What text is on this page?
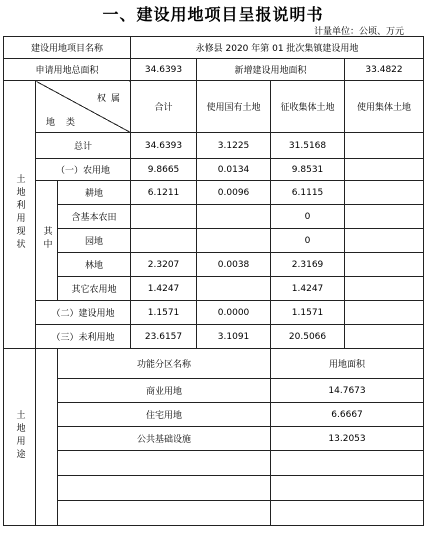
一、建设用地项目呈报说明书
计量单位：公顷、万元
建设用地项目名称			永修县 2020 年第 01 批次集镇建设用地			
申请用地总面积			34.6393	新增建设用地面积		33.4822
土地利用现状	权 属
地 类		合计	使用国有土地	征收集体土地	使用集体土地
	总计		34.6393	3.1225	31.5168	
	（一）农用地		9.8665	0.0134	9.8531	
	其中	耕地	6.1211	0.0096	6.1115	
		含基本农田			0	
		园地			0	
		林地	2.3207	0.0038	2.3169	
		其它农用地	1.4247		1.4247	
	（二）建设用地		1.1571	0.0000	1.1571	
	（三）未利用地		23.6157	3.1091	20.5066	
土地用途		功能分区名称			用地面积	
		商业用地			14.7673	
		住宅用地			6.6667	
		公共基础设施			13.2053	
